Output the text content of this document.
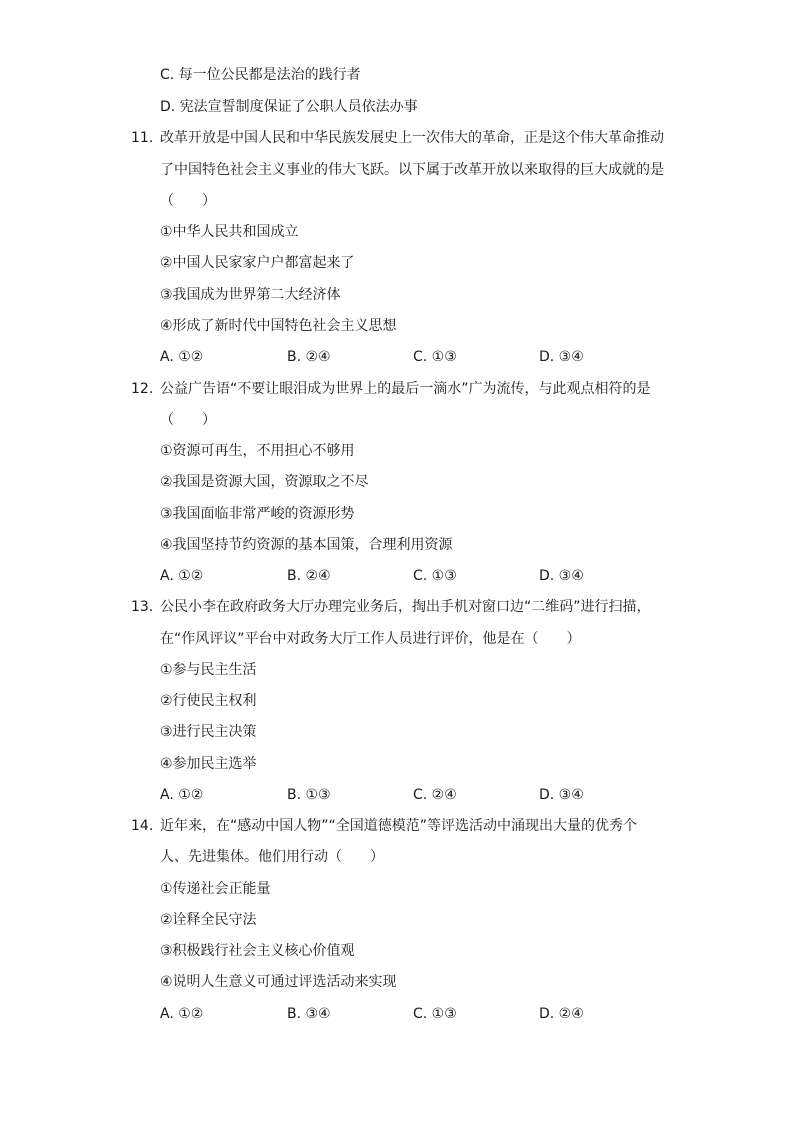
C. 每一位公民都是法治的践行者
D. 宪法宣誓制度保证了公职人员依法办事
11. 改革开放是中国人民和中华民族发展史上一次伟大的革命，正是这个伟大革命推动
了中国特色社会主义事业的伟大飞跃。以下属于改革开放以来取得的巨大成就的是
（　　）
①中华人民共和国成立
②中国人民家家户户都富起来了
③我国成为世界第二大经济体
④形成了新时代中国特色社会主义思想
A. ①②	B. ②④	C. ①③	D. ③④
12. 公益广告语“不要让眼泪成为世界上的最后一滴水”广为流传，与此观点相符的是
（　　）
①资源可再生，不用担心不够用
②我国是资源大国，资源取之不尽
③我国面临非常严峻的资源形势
④我国坚持节约资源的基本国策，合理利用资源
A. ①②	B. ②④	C. ①③	D. ③④
13. 公民小李在政府政务大厅办理完业务后，掏出手机对窗口边“二维码”进行扫描，
在“作风评议”平台中对政务大厅工作人员进行评价，他是在（　　）
①参与民主生活
②行使民主权利
③进行民主决策
④参加民主选举
A. ①②	B. ①③	C. ②④	D. ③④
14. 近年来，在“感动中国人物”“全国道德模范”等评选活动中涌现出大量的优秀个
人、先进集体。他们用行动（　　）
①传递社会正能量
②诠释全民守法
③积极践行社会主义核心价值观
④说明人生意义可通过评选活动来实现
A. ①②	B. ③④	C. ①③	D. ②④
